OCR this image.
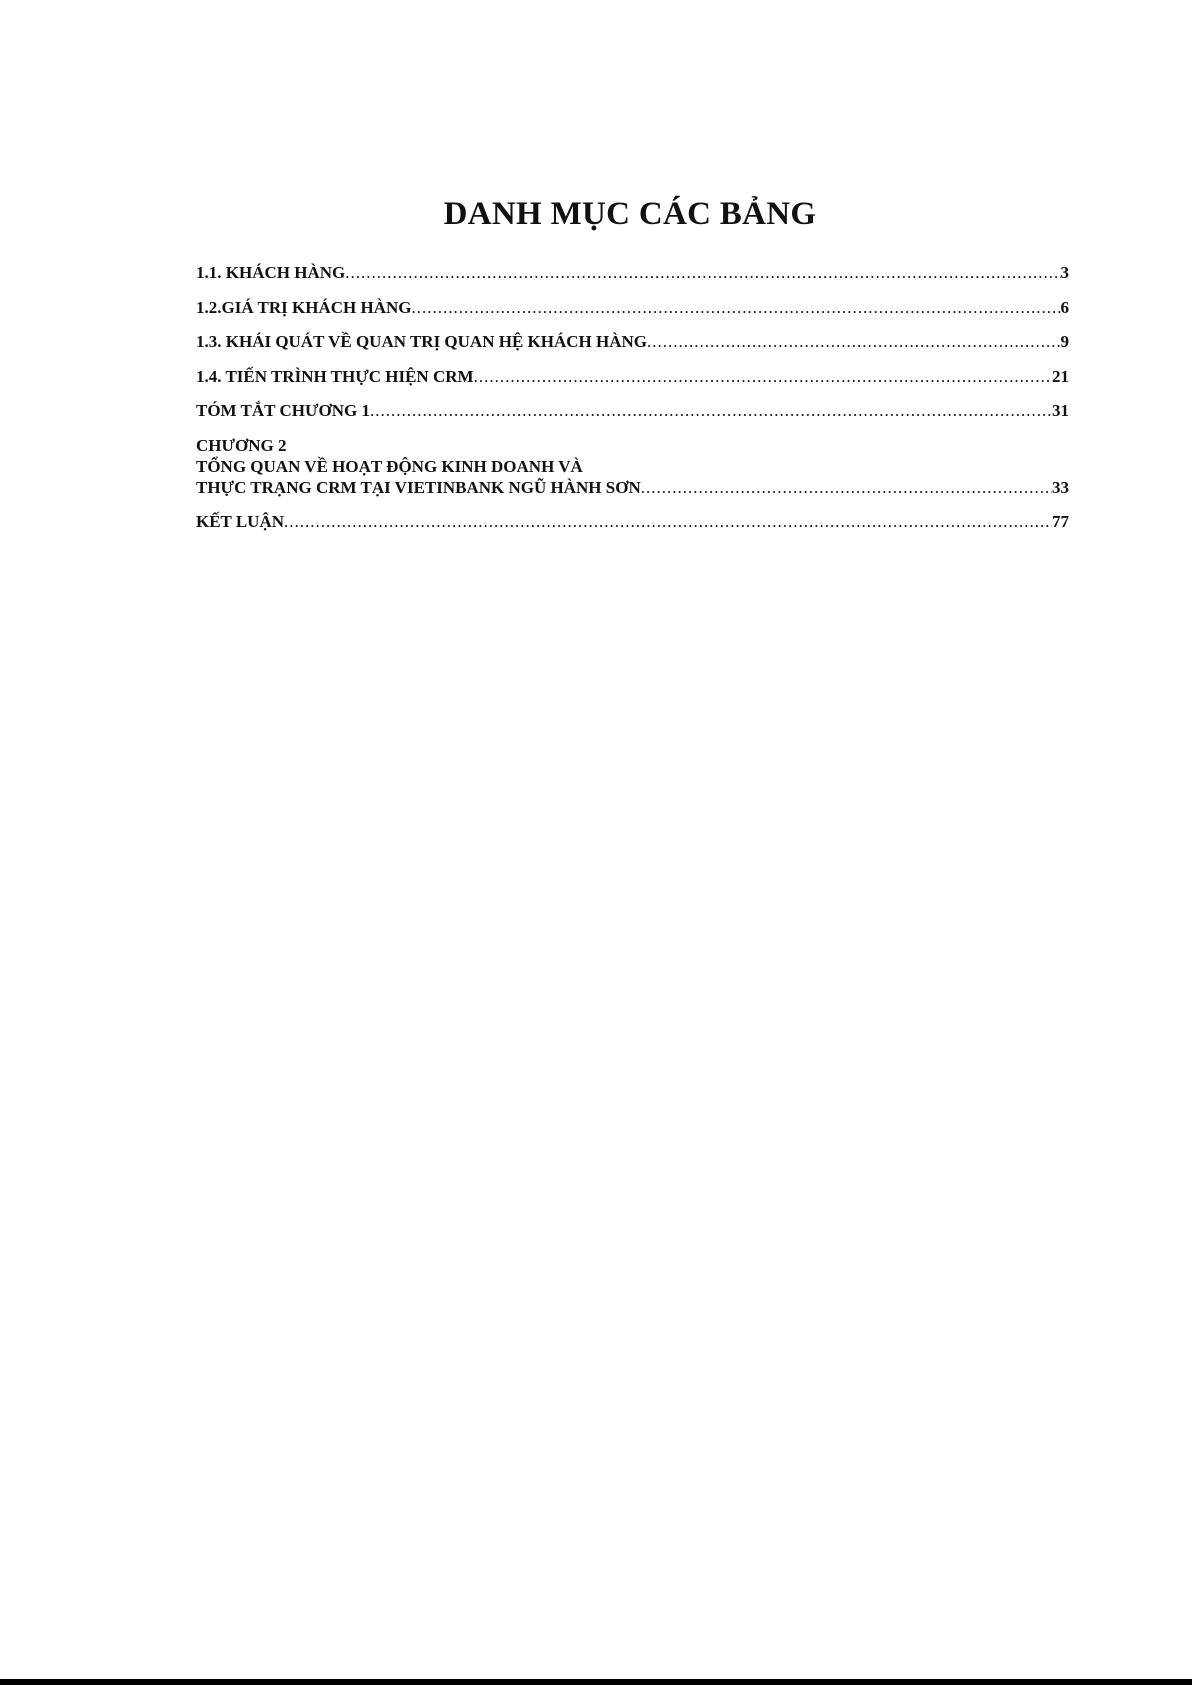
DANH MỤC CÁC BẢNG
1.1. KHÁCH HÀNG .....	3
1.2.GIÁ TRỊ KHÁCH HÀNG .....	6
1.3. KHÁI QUÁT VỀ QUAN TRỊ QUAN HỆ KHÁCH HÀNG .....	9
1.4. TIẾN TRÌNH THỰC HIỆN CRM .....	21
TÓM TẮT CHƯƠNG 1 .....	31
CHƯƠNG 2
TỔNG QUAN VỀ HOẠT ĐỘNG KINH DOANH VÀ
THỰC TRẠNG CRM TẠI VIETINBANK NGŨ HÀNH SƠN .....	33
KẾT LUẬN .....	77
